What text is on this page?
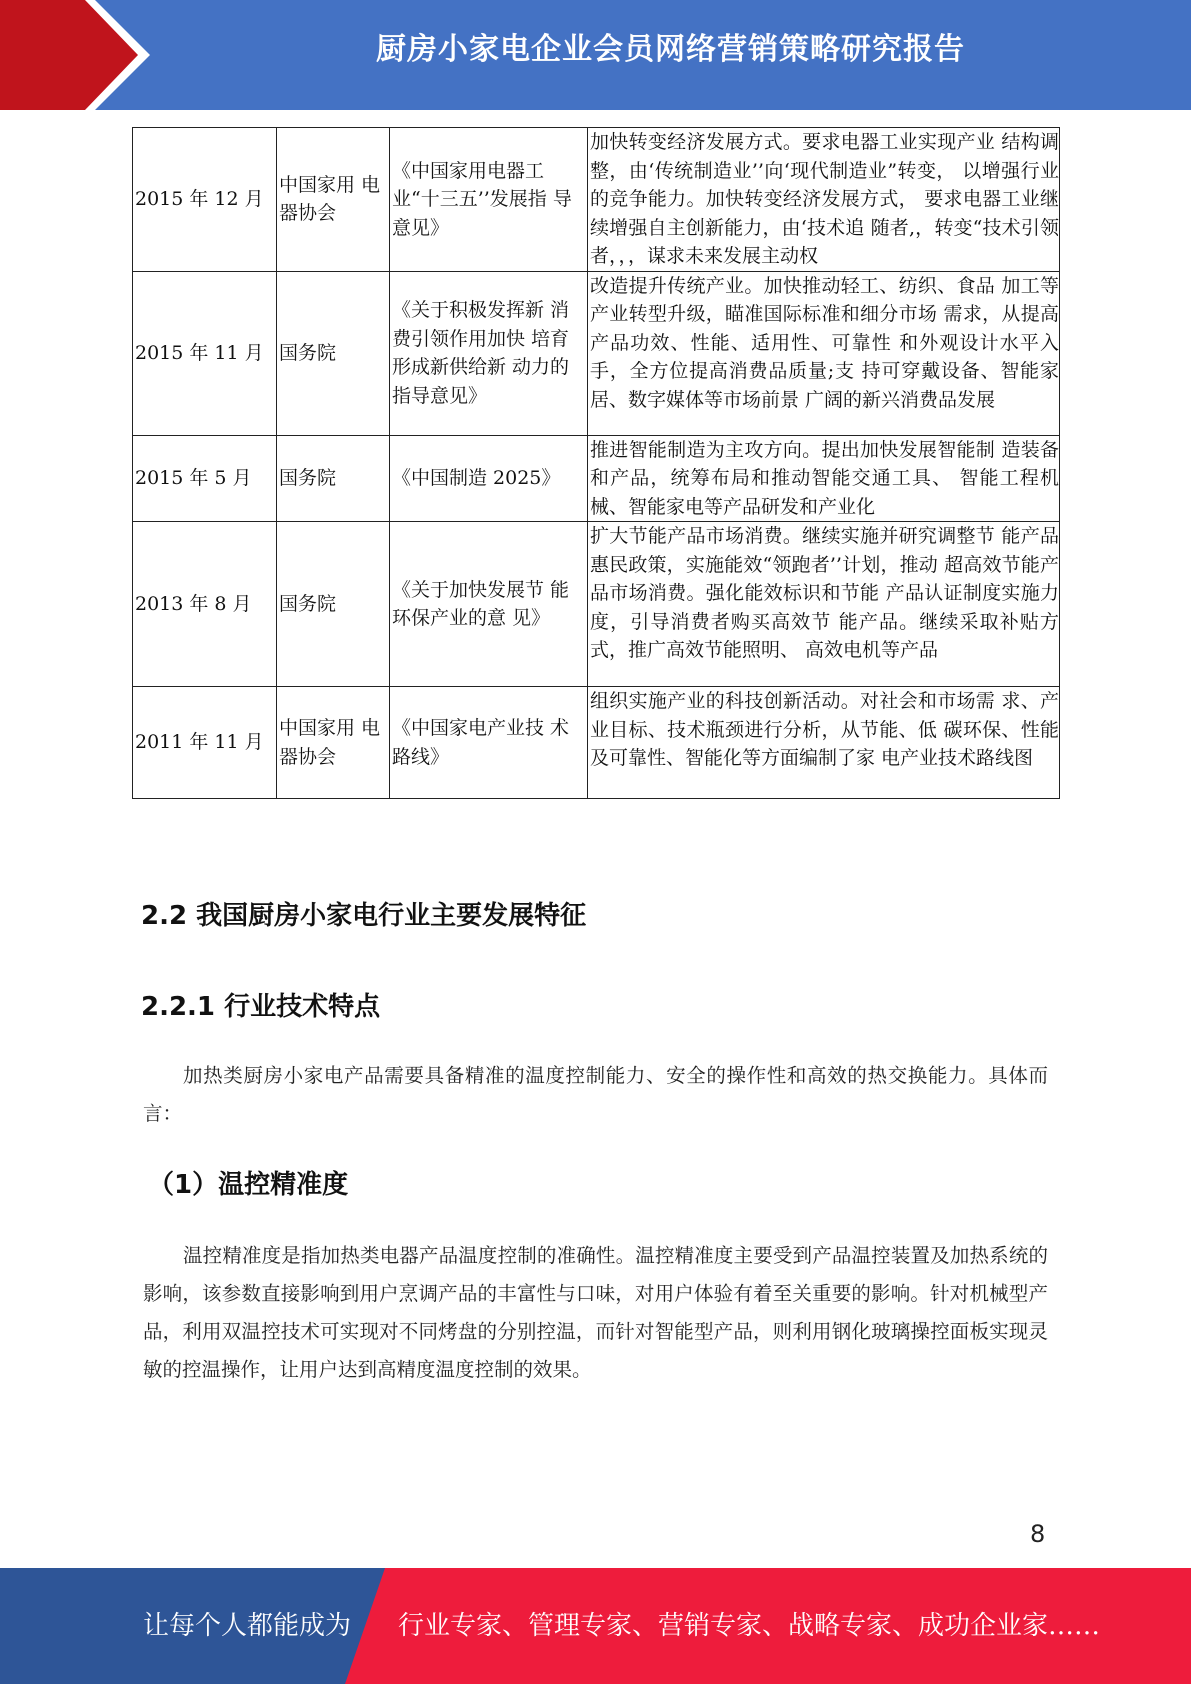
厨房小家电企业会员网络营销策略研究报告
2015 年 12 月	中国家用 电器协会	《中国家用电器工 业“十三五’’发展指 导意见》	加快转变经济发展方式。要求电器工业实现产业 结构调整，由‘传统制造业’’向‘现代制造业”转变， 以增强行业的竞争能力。加快转变经济发展方式， 要求电器工业继续增强自主创新能力，由‘技术追 随者,，转变“技术引领者，，，谋求未来发展主动权
2015 年 11 月	国务院	《关于积极发挥新 消费引领作用加快 培育形成新供给新 动力的指导意见》	改造提升传统产业。加快推动轻工、纺织、食品 加工等产业转型升级，瞄准国际标准和细分市场 需求，从提高产品功效、性能、适用性、可靠性 和外观设计水平入手，全方位提高消费品质量;支 持可穿戴设备、智能家居、数字媒体等市场前景 广阔的新兴消费品发展
2015 年 5 月	国务院	《中国制造 2025》	推进智能制造为主攻方向。提出加快发展智能制 造装备和产品，统筹布局和推动智能交通工具、 智能工程机械、智能家电等产品研发和产业化
2013 年 8 月	国务院	《关于加快发展节 能环保产业的意 见》	扩大节能产品市场消费。继续实施并研究调整节 能产品惠民政策，实施能效“领跑者’’计划，推动 超高效节能产品市场消费。强化能效标识和节能 产品认证制度实施力度，引导消费者购买高效节 能产品。继续采取补贴方式，推广高效节能照明、 高效电机等产品
2011 年 11 月	中国家用 电器协会	《中国家电产业技 术路线》	组织实施产业的科技创新活动。对社会和市场需 求、产业目标、技术瓶颈进行分析，从节能、低 碳环保、性能及可靠性、智能化等方面编制了家 电产业技术路线图
2.2 我国厨房小家电行业主要发展特征
2.2.1 行业技术特点
加热类厨房小家电产品需要具备精准的温度控制能力、安全的操作性和高效的热交换能力。具体而言：
（1）温控精准度
温控精准度是指加热类电器产品温度控制的准确性。温控精准度主要受到产品温控装置及加热系统的影响，该参数直接影响到用户烹调产品的丰富性与口味，对用户体验有着至关重要的影响。针对机械型产品，利用双温控技术可实现对不同烤盘的分别控温，而针对智能型产品，则利用钢化玻璃操控面板实现灵敏的控温操作，让用户达到高精度温度控制的效果。
8
让每个人都能成为 行业专家、管理专家、营销专家、战略专家、成功企业家……
